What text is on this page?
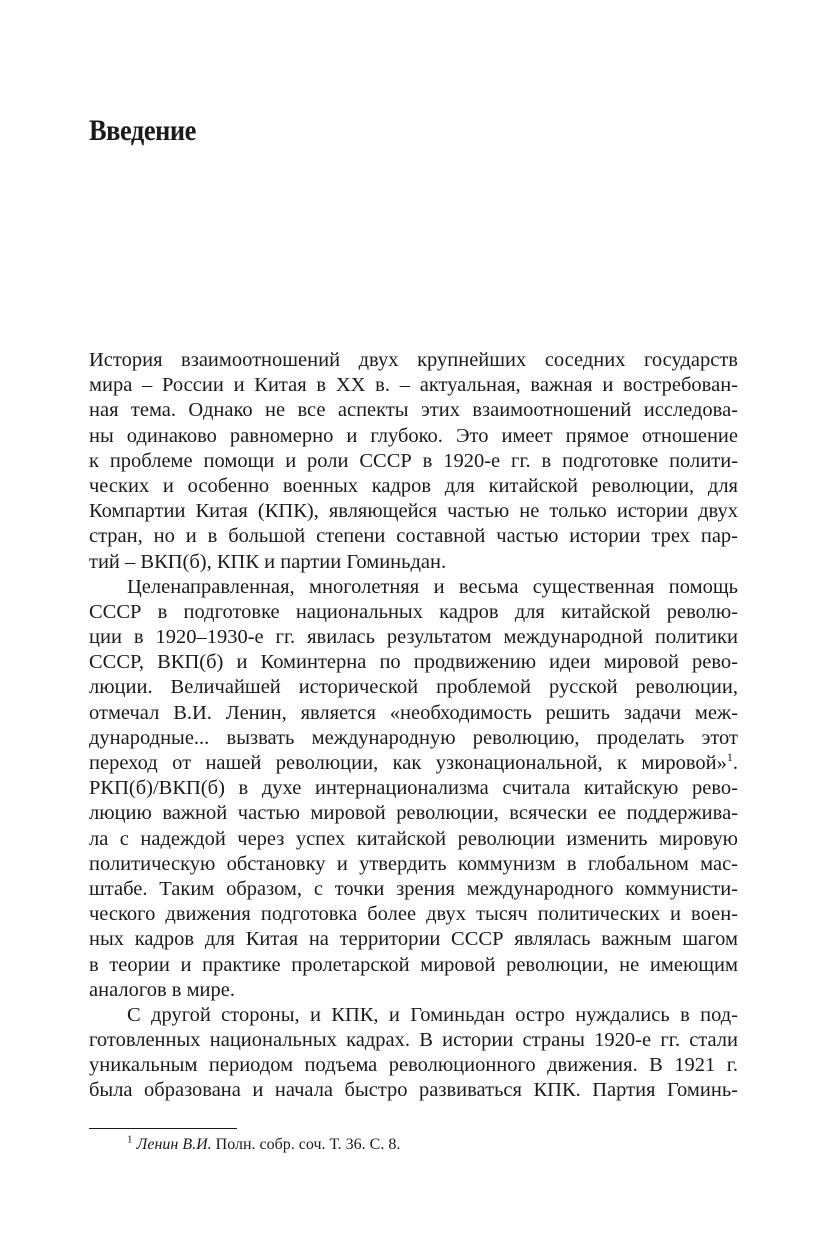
Введение
История взаимоотношений двух крупнейших соседних государств
мира – России и Китая в XX в. – актуальная, важная и востребован-
ная тема. Однако не все аспекты этих взаимоотношений исследова-
ны одинаково равномерно и глубоко. Это имеет прямое отношение
к проблеме помощи и роли СССР в 1920-е гг. в подготовке полити-
ческих и особенно военных кадров для китайской революции, для
Компартии Китая (КПК), являющейся частью не только истории двух
стран, но и в большой степени составной частью истории трех пар-
тий – ВКП(б), КПК и партии Гоминьдан.
Целенаправленная, многолетняя и весьма существенная помощь
СССР в подготовке национальных кадров для китайской револю-
ции в 1920–1930-е гг. явилась результатом международной политики
СССР, ВКП(б) и Коминтерна по продвижению идеи мировой рево-
люции. Величайшей исторической проблемой русской революции,
отмечал В.И. Ленин, является «необходимость решить задачи меж-
дународные... вызвать международную революцию, проделать этот
переход от нашей революции, как узконациональной, к мировой»$^1$.
РКП(б)/ВКП(б) в духе интернационализма считала китайскую рево-
люцию важной частью мировой революции, всячески ее поддержива-
ла с надеждой через успех китайской революции изменить мировую
политическую обстановку и утвердить коммунизм в глобальном мас-
штабе. Таким образом, с точки зрения международного коммунисти-
ческого движения подготовка более двух тысяч политических и воен-
ных кадров для Китая на территории СССР являлась важным шагом
в теории и практике пролетарской мировой революции, не имеющим
аналогов в мире.
С другой стороны, и КПК, и Гоминьдан остро нуждались в под-
готовленных национальных кадрах. В истории страны 1920-е гг. стали
уникальным периодом подъема революционного движения. В 1921 г.
была образована и начала быстро развиваться КПК. Партия Гоминь-
$^1$ Ленин В.И. Полн. собр. соч. Т. 36. С. 8.
